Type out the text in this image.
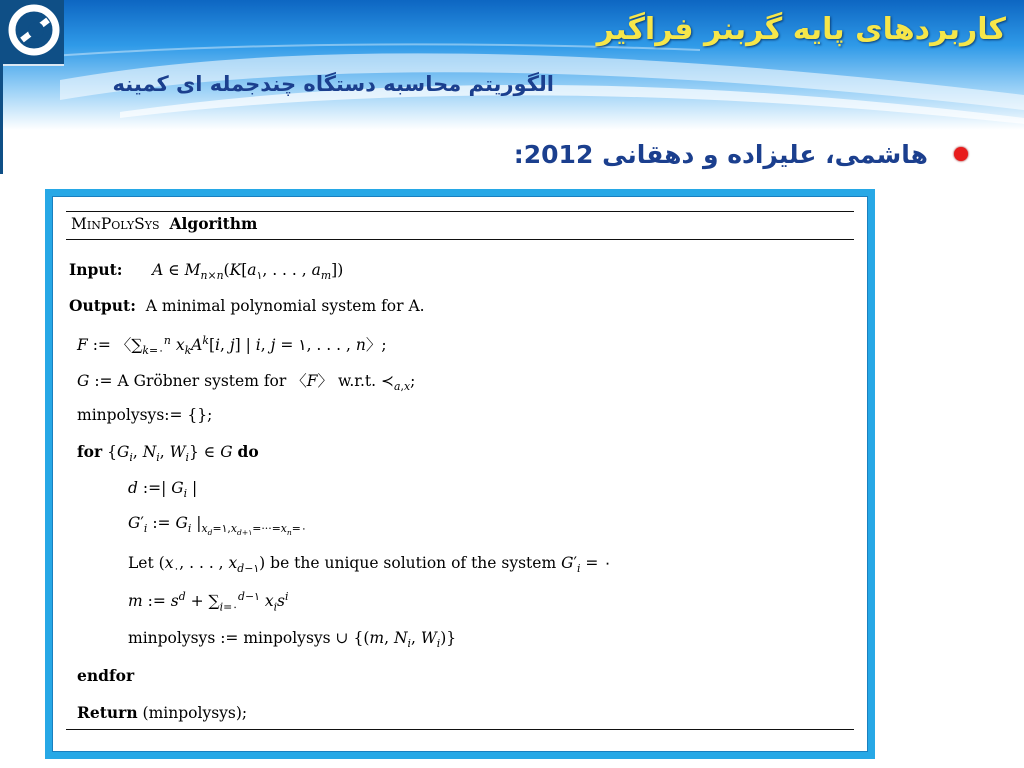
کاربردهای پایه گربنر فراگیر
الگوریتم محاسبه دستگاه چندجمله ای کمینه
هاشمی، علیزاده و دهقانی 2012:
MinPolySys Algorithm
Input: A ∈ $M_{n\times n}(K[a_١$, . . . , $a_m$])
Output: A minimal polynomial system for A.
F := 〈$\sum_{k=٠}^n$ $x_kA^k[i$, j] | i, j = ١, . . . , n〉;
G := A Gröbner system for 〈F〉 w.r.t. $≺_{a,x}$;
minpolysys:= {};
for {$G_i$, $N_i$, $W_i$} ∈ G do
d :=| $G_i$ |
$G'_i$ := $G_i$ $|_{x_d=١,x_{d+١}=\cdot\cdot\cdot=x_n=٠}$
Let ($x_٠$, . . . , $x_{d-١}$) be the unique solution of the system $G'_i$ = ٠
m := $s^d + \sum_{i=٠}^{d-١}$ $x_is^i$
minpolysys := minpolysys ∪ {(m, $N_i$, $W_i$)}
endfor
Return (minpolysys);
